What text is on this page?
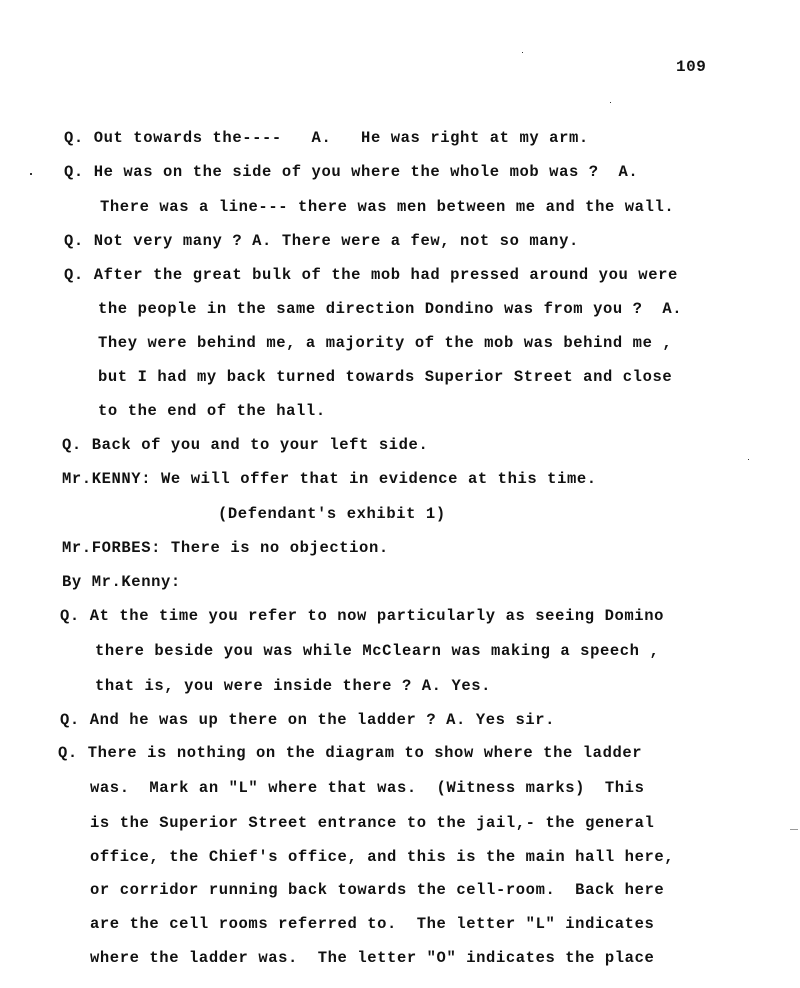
109
Q. Out towards the----   A.   He was right at my arm.
Q. He was on the side of you where the whole mob was ?  A.
There was a line--- there was men between me and the wall.
Q. Not very many ? A. There were a few, not so many.
Q. After the great bulk of the mob had pressed around you were
the people in the same direction Dondino was from you ?  A.
They were behind me, a majority of the mob was behind me ,
but I had my back turned towards Superior Street and close
to the end of the hall.
Q. Back of you and to your left side.
Mr.KENNY: We will offer that in evidence at this time.
(Defendant's exhibit 1)
Mr.FORBES: There is no objection.
By Mr.Kenny:
Q. At the time you refer to now particularly as seeing Domino
there beside you was while McClearn was making a speech ,
that is, you were inside there ? A. Yes.
Q. And he was up there on the ladder ? A. Yes sir.
Q. There is nothing on the diagram to show where the ladder
was.  Mark an "L" where that was.  (Witness marks)  This
is the Superior Street entrance to the jail,- the general
office, the Chief's office, and this is the main hall here,
or corridor running back towards the cell-room.  Back here
are the cell rooms referred to.  The letter "L" indicates
where the ladder was.  The letter "O" indicates the place
